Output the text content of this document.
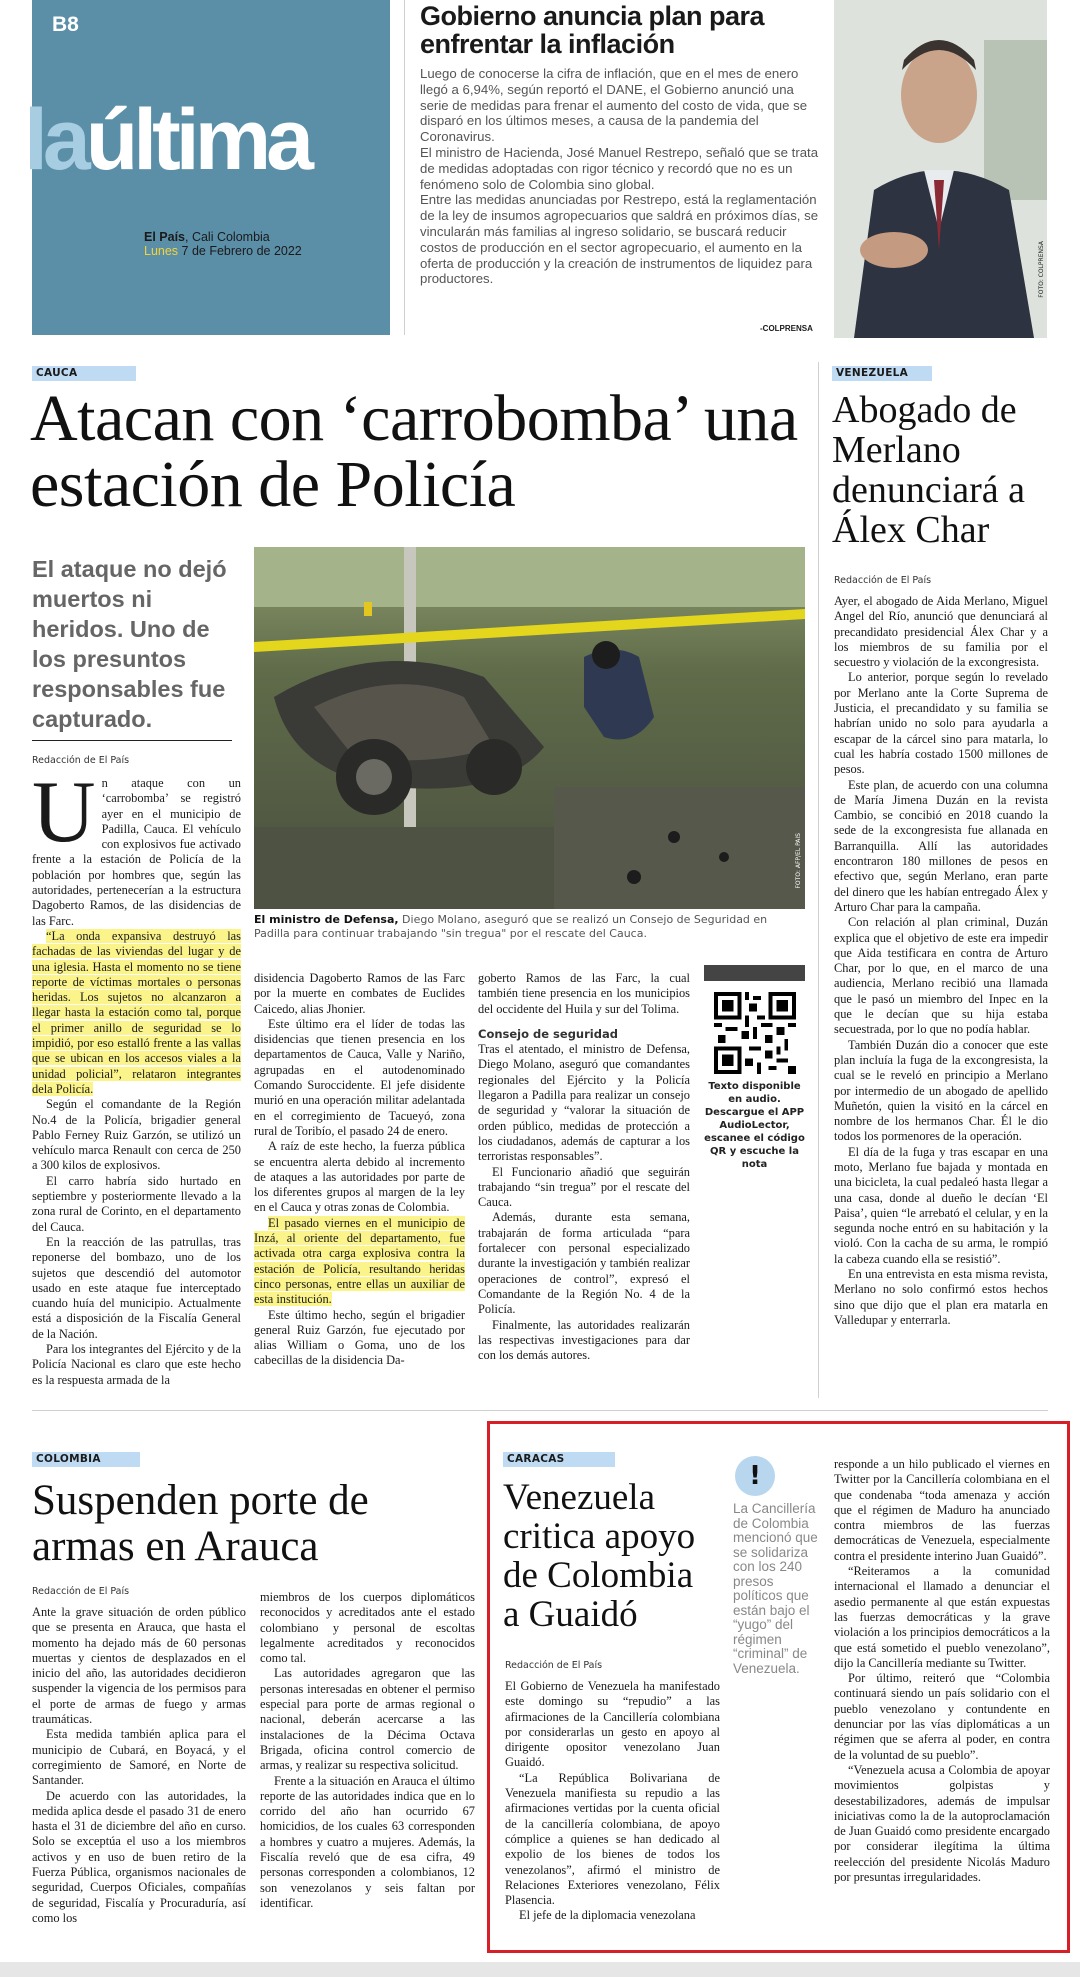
B8
laúltima
El País, Cali Colombia
Lunes 7 de Febrero de 2022
Gobierno anuncia plan para enfrentar la inflación

Luego de conocerse la cifra de inflación, que en el mes de enero llegó a 6,94%, según reportó el DANE, el Gobierno anunció una serie de medidas para frenar el aumento del costo de vida, que se disparó en los últimos meses, a causa de la pandemia del Coronavirus.

El ministro de Hacienda, José Manuel Restrepo, señaló que se trata de medidas adoptadas con rigor técnico y recordó que no es un fenómeno solo de Colombia sino global.

Entre las medidas anunciadas por Restrepo, está la reglamentación de la ley de insumos agropecuarios que saldrá en próximos días, se vincularán más familias al ingreso solidario, se buscará reducir costos de producción en el sector agropecuario, el aumento en la oferta de producción y la creación de instrumentos de liquidez para productores.

-COLPRENSA
FOTO: COLPRENSA
CAUCA
Atacan con ‘carrobomba’ una estación de Policía
El ataque no dejó muertos ni heridos. Uno de los presuntos responsables fue capturado.
Redacción de El País

Un ataque con un ‘carrobomba’ se registró ayer en el municipio de Padilla, Cauca. El vehículo con explosivos fue activado frente a la estación de Policía de la población por hombres que, según las autoridades, pertenecerían a la estructura Dagoberto Ramos, de las disidencias de las Farc.

“La onda expansiva destruyó las fachadas de las viviendas del lugar y de una iglesia. Hasta el momento no se tiene reporte de víctimas mortales o personas heridas. Los sujetos no alcanzaron a llegar hasta la estación como tal, porque el primer anillo de seguridad se lo impidió, por eso estalló frente a las vallas que se ubican en los accesos viales a la unidad policial”, relataron integrantes dela Policía.

Según el comandante de la Región No.4 de la Policía, brigadier general Pablo Ferney Ruiz Garzón, se utilizó un vehículo marca Renault con cerca de 250 a 300 kilos de explosivos.

El carro habría sido hurtado en septiembre y posteriormente llevado a la zona rural de Corinto, en el departamento del Cauca.

En la reacción de las patrullas, tras reponerse del bombazo, uno de los sujetos que descendió del automotor usado en este ataque fue interceptado cuando huía del municipio. Actualmente está a disposición de la Fiscalía General de la Nación.

Para los integrantes del Ejército y de la Policía Nacional es claro que este hecho es la respuesta armada de la

FOTO: AFP/EL PAÍS
El ministro de Defensa, Diego Molano, aseguró que se realizó un Consejo de Seguridad en Padilla para continuar trabajando "sin tregua" por el rescate del Cauca.

disidencia Dagoberto Ramos de las Farc por la muerte en combates de Euclides Caicedo, alias Jhonier.

Este último era el líder de todas las disidencias que tienen presencia en los departamentos de Cauca, Valle y Nariño, agrupadas en el autodenominado Comando Suroccidente. El jefe disidente murió en una operación militar adelantada en el corregimiento de Tacueyó, zona rural de Toribío, el pasado 24 de enero.

A raíz de este hecho, la fuerza pública se encuentra alerta debido al incremento de ataques a las autoridades por parte de los diferentes grupos al margen de la ley en el Cauca y otras zonas de Colombia.

El pasado viernes en el municipio de Inzá, al oriente del departamento, fue activada otra carga explosiva contra la estación de Policía, resultando heridas cinco personas, entre ellas un auxiliar de esta institución.

Este último hecho, según el brigadier general Ruiz Garzón, fue ejecutado por alias William o Goma, uno de los cabecillas de la disidencia Da-

goberto Ramos de las Farc, la cual también tiene presencia en los municipios del occidente del Huila y sur del Tolima.

Consejo de seguridad

Tras el atentado, el ministro de Defensa, Diego Molano, aseguró que comandantes regionales del Ejército y la Policía llegaron a Padilla para realizar un consejo de seguridad y “valorar la situación de orden público, medidas de protección a los ciudadanos, además de capturar a los terroristas responsables”.

El Funcionario añadió que seguirán trabajando “sin tregua” por el rescate del Cauca.

Además, durante esta semana, trabajarán de forma articulada “para fortalecer con personal especializado durante la investigación y también realizar operaciones de control”, expresó el Comandante de la Región No. 4 de la Policía.

Finalmente, las autoridades realizarán las respectivas investigaciones para dar con los demás autores.

Texto disponible en audio. Descargue el APP AudioLector, escanee el código QR y escuche la nota
VENEZUELA
Abogado de Merlano denunciará a Álex Char
Redacción de El País

Ayer, el abogado de Aida Merlano, Miguel Angel del Río, anunció que denunciará al precandidato presidencial Álex Char y a los miembros de su familia por el secuestro y violación de la excongresista.

Lo anterior, porque según lo revelado por Merlano ante la Corte Suprema de Justicia, el precandidato y su familia se habrían unido no solo para ayudarla a escapar de la cárcel sino para matarla, lo cual les habría costado 1500 millones de pesos.

Este plan, de acuerdo con una columna de María Jimena Duzán en la revista Cambio, se concibió en 2018 cuando la sede de la excongresista fue allanada en Barranquilla. Allí las autoridades encontraron 180 millones de pesos en efectivo que, según Merlano, eran parte del dinero que les habían entregado Álex y Arturo Char para la campaña.

Con relación al plan criminal, Duzán explica que el objetivo de este era impedir que Aida testificara en contra de Arturo Char, por lo que, en el marco de una audiencia, Merlano recibió una llamada que le pasó un miembro del Inpec en la que le decían que su hija estaba secuestrada, por lo que no podía hablar.

También Duzán dio a conocer que este plan incluía la fuga de la excongresista, la cual se le reveló en principio a Merlano por intermedio de un abogado de apellido Muñetón, quien la visitó en la cárcel en nombre de los hermanos Char. Él le dio todos los pormenores de la operación.

El día de la fuga y tras escapar en una moto, Merlano fue bajada y montada en una bicicleta, la cual pedaleó hasta llegar a una casa, donde al dueño le decían ‘El Paisa’, quien “le arrebató el celular, y en la segunda noche entró en su habitación y la violó. Con la cacha de su arma, le rompió la cabeza cuando ella se resistió”.

En una entrevista en esta misma revista, Merlano no solo confirmó estos hechos sino que dijo que el plan era matarla en Valledupar y enterrarla.

COLOMBIA
Suspenden porte de armas en Arauca
Redacción de El País

Ante la grave situación de orden público que se presenta en Arauca, que hasta el momento ha dejado más de 60 personas muertas y cientos de desplazados en el inicio del año, las autoridades decidieron suspender la vigencia de los permisos para el porte de armas de fuego y armas traumáticas.

Esta medida también aplica para el municipio de Cubará, en Boyacá, y el corregimiento de Samoré, en Norte de Santander.

De acuerdo con las autoridades, la medida aplica desde el pasado 31 de enero hasta el 31 de diciembre del año en curso. Solo se exceptúa el uso a los miembros activos y en uso de buen retiro de la Fuerza Pública, organismos nacionales de seguridad, Cuerpos Oficiales, compañías de seguridad, Fiscalía y Procuraduría, así como los

miembros de los cuerpos diplomáticos reconocidos y acreditados ante el estado colombiano y personal de escoltas legalmente acreditados y reconocidos como tal.

Las autoridades agregaron que las personas interesadas en obtener el permiso especial para porte de armas regional o nacional, deberán acercarse a las instalaciones de la Décima Octava Brigada, oficina control comercio de armas, y realizar su respectiva solicitud.

Frente a la situación en Arauca el último reporte de las autoridades indica que en lo corrido del año han ocurrido 67 homicidios, de los cuales 63 corresponden a hombres y cuatro a mujeres. Además, la Fiscalía reveló que de esa cifra, 49 personas corresponden a colombianos, 12 son venezolanos y seis faltan por identificar.

CARACAS
Venezuela critica apoyo de Colombia a Guaidó
Redacción de El País

El Gobierno de Venezuela ha manifestado este domingo su “repudio” a las afirmaciones de la Cancillería colombiana por considerarlas un gesto en apoyo al dirigente opositor venezolano Juan Guaidó.

“La República Bolivariana de Venezuela manifiesta su repudio a las afirmaciones vertidas por la cuenta oficial de la cancillería colombiana, de apoyo cómplice a quienes se han dedicado al expolio de los bienes de todos los venezolanos”, afirmó el ministro de Relaciones Exteriores venezolano, Félix Plasencia.

El jefe de la diplomacia venezolana

!
La Cancillería de Colombia mencionó que se solidariza con los 240 presos políticos que están bajo el “yugo” del régimen “criminal” de Venezuela.

responde a un hilo publicado el viernes en Twitter por la Cancillería colombiana en el que condenaba “toda amenaza y acción que el régimen de Maduro ha anunciado contra miembros de las fuerzas democráticas de Venezuela, especialmente contra el presidente interino Juan Guaidó”.

“Reiteramos a la comunidad internacional el llamado a denunciar el asedio permanente al que están expuestas las fuerzas democráticas y la grave violación a los principios democráticos a la que está sometido el pueblo venezolano”, dijo la Cancillería mediante su Twitter.

Por último, reiteró que “Colombia continuará siendo un país solidario con el pueblo venezolano y contundente en denunciar por las vías diplomáticas a un régimen que se aferra al poder, en contra de la voluntad de su pueblo”.

“Venezuela acusa a Colombia de apoyar movimientos golpistas y desestabilizadores, además de impulsar iniciativas como la de la autoproclamación de Juan Guaidó como presidente encargado por considerar ilegítima la última reelección del presidente Nicolás Maduro por presuntas irregularidades.
